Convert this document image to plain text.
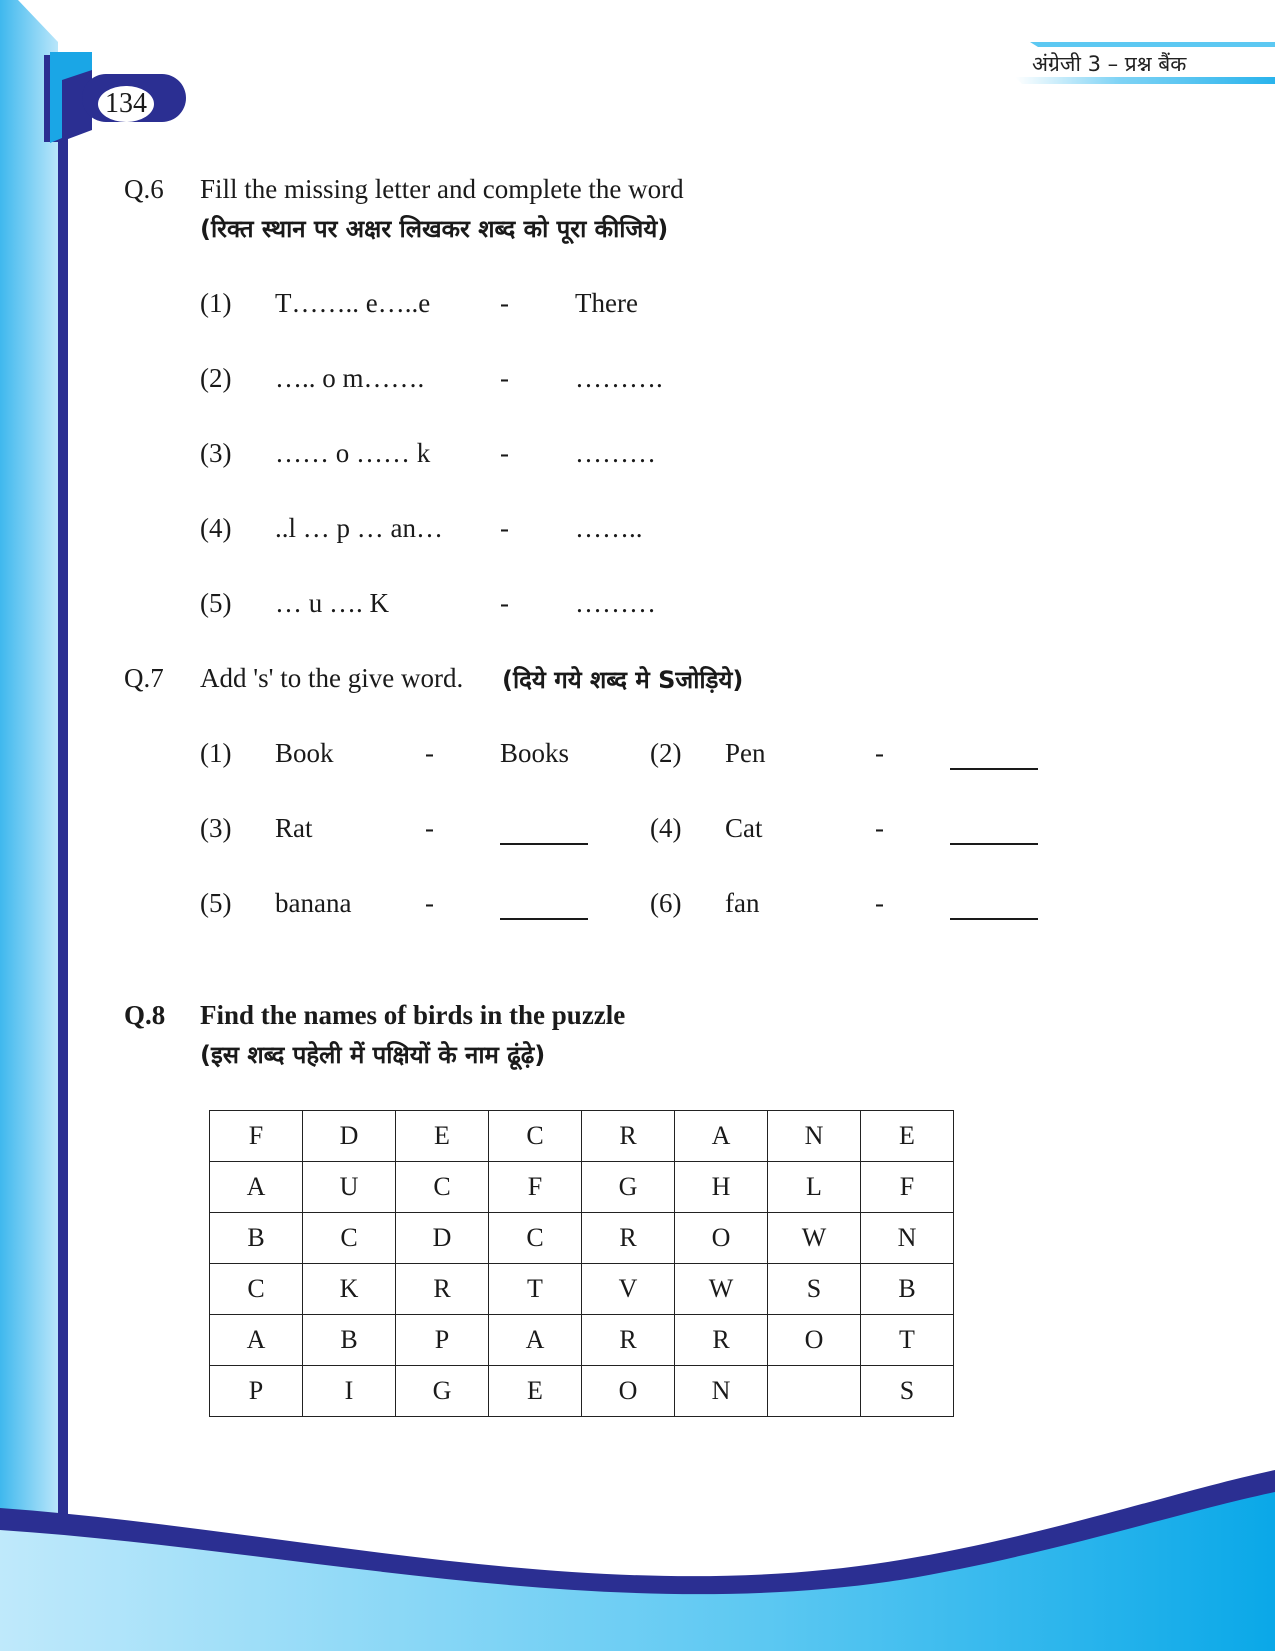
134
अंग्रेजी 3 – प्रश्न बैंक
Q.6 Fill the missing letter and complete the word
(रिक्त स्थान पर अक्षर लिखकर शब्द को पूरा कीजिये)
(1) T…….. e…..e	- There
(2) ….. o m…….	- ……….
(3) …… o …… k	- ………
(4) ..l … p … an… - ……..
(5) … u …. K	- ………
Q.7 Add 's' to the give word. (दिये गये शब्द मे Sजोड़िये)
(1) Book	- Books	(2) Pen	-
(3) Rat	-	(4) Cat	-
(5) banana	-	(6) fan	-
Q.8 Find the names of birds in the puzzle
(इस शब्द पहेली में पक्षियों के नाम ढूंढ़े)
F	D	E	C	R	A	N	E
A	U	C	F	G	H	L	F
B	C	D	C	R	O	W	N
C	K	R	T	V	W	S	B
A	B	P	A	R	R	O	T
P	I	G	E	O	N		S
